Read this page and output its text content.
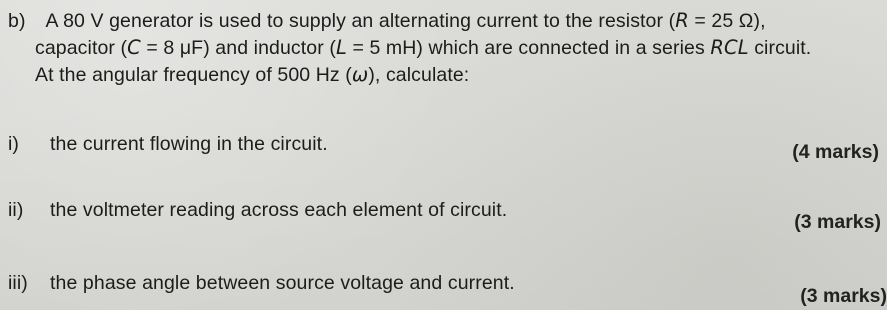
b) A 80 V generator is used to supply an alternating current to the resistor (R = 25 Ω),
capacitor (C = 8 μF) and inductor (L = 5 mH) which are connected in a series RCL circuit.
At the angular frequency of 500 Hz (ω), calculate:
i) the current flowing in the circuit.	(4 marks)
ii) the voltmeter reading across each element of circuit.
(3 marks)
iii) the phase angle between source voltage and current.
(3 marks)
